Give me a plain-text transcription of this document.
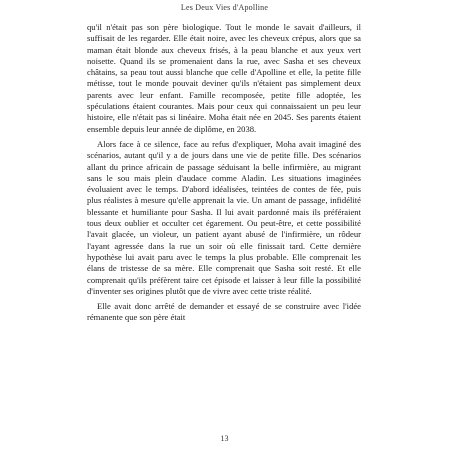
Les Deux Vies d'Apolline

qu'il n'était pas son père biologique. Tout le monde le savait d'ailleurs, il suffisait de les regarder. Elle était noire, avec les cheveux crépus, alors que sa maman était blonde aux cheveux frisés, à la peau blanche et aux yeux vert noisette. Quand ils se promenaient dans la rue, avec Sasha et ses cheveux châtains, sa peau tout aussi blanche que celle d'Apolline et elle, la petite fille métisse, tout le monde pouvait deviner qu'ils n'étaient pas simplement deux parents avec leur enfant. Famille recomposée, petite fille adoptée, les spéculations étaient courantes. Mais pour ceux qui connaissaient un peu leur histoire, elle n'était pas si linéaire. Moha était née en 2045. Ses parents étaient ensemble depuis leur année de diplôme, en 2038.

Alors face à ce silence, face au refus d'expliquer, Moha avait imaginé des scénarios, autant qu'il y a de jours dans une vie de petite fille. Des scénarios allant du prince africain de passage séduisant la belle infirmière, au migrant sans le sou mais plein d'audace comme Aladin. Les situations imaginées évoluaient avec le temps. D'abord idéalisées, teintées de contes de fée, puis plus réalistes à mesure qu'elle apprenait la vie. Un amant de passage, infidélité blessante et humiliante pour Sasha. Il lui avait pardonné mais ils préféraient tous deux oublier et occulter cet égarement. Ou peut-être, et cette possibilité l'avait glacée, un violeur, un patient ayant abusé de l'infirmière, un rôdeur l'ayant agressée dans la rue un soir où elle finissait tard. Cette dernière hypothèse lui avait paru avec le temps la plus probable. Elle comprenait les élans de tristesse de sa mère. Elle comprenait que Sasha soit resté. Et elle comprenait qu'ils préfèrent taire cet épisode et laisser à leur fille la possibilité d'inventer ses origines plutôt que de vivre avec cette triste réalité.

Elle avait donc arrêté de demander et essayé de se construire avec l'idée rémanente que son père était

13
